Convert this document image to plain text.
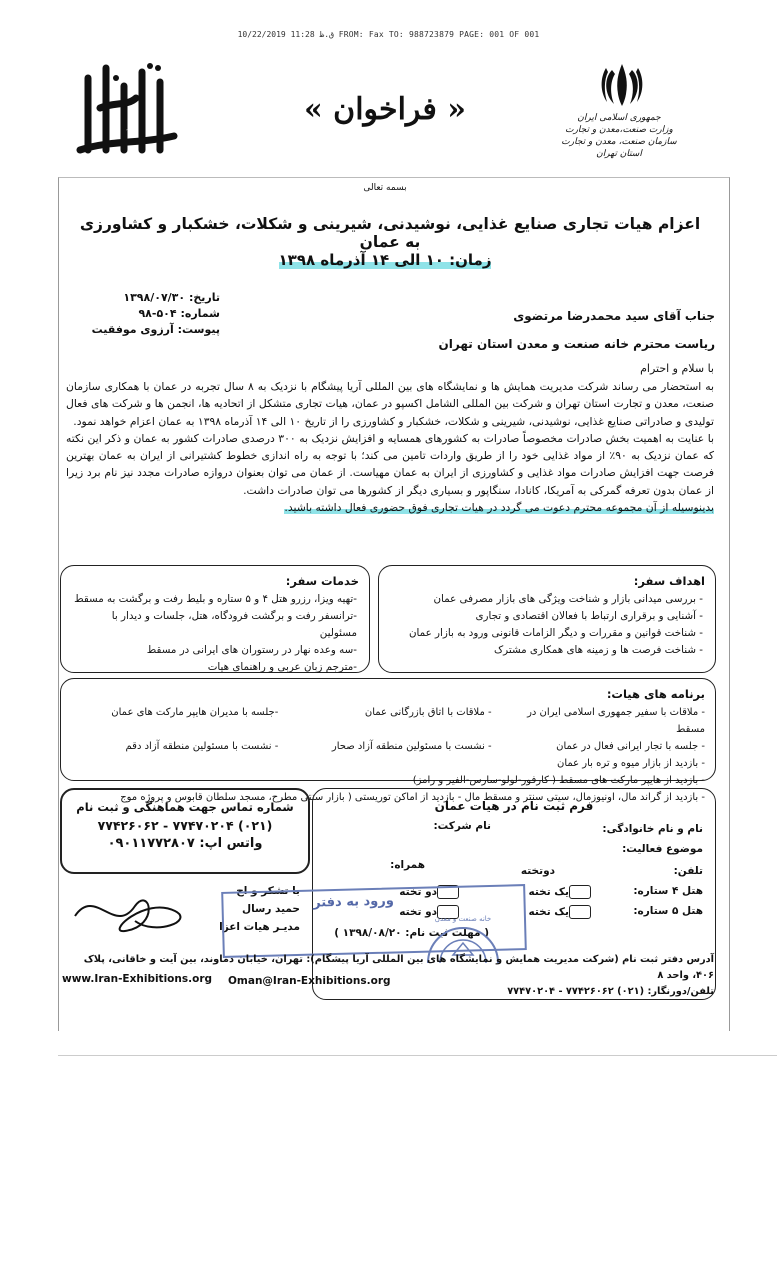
10/22/2019 ق.ظ 11:28 FROM: Fax TO: 988723879 PAGE: 001 OF 001
جمهوری اسلامی ایران
وزارت صنعت،معدن و تجارت
سازمان صنعت، معدن و تجارت استان تهران
« فراخوان »
آریا پیشگام
بسمه تعالی
اعزام هیات تجاری صنایع غذایی، نوشیدنی، شیرینی و شکلات، خشکبار و کشاورزی به عمان
زمان: ۱۰ الی ۱۴ آذرماه ۱۳۹۸
تاریخ: ۱۳۹۸/۰۷/۳۰
شماره: ۵۰۴-۹۸
پیوست: آرزوی موفقیت
جناب آقای سید محمدرضا مرتضوی
ریاست محترم خانه صنعت و معدن استان تهران
با سلام و احترام
به استحضار می رساند شرکت مدیریت همایش ها و نمایشگاه های بین المللی آریا پیشگام با نزدیک به ۸ سال تجربه در عمان با همکاری سازمان صنعت، معدن و تجارت استان تهران و شرکت بین المللی الشامل اکسپو در عمان، هیات تجاری متشکل از اتحادیه ها، انجمن ها و شرکت های فعال تولیدی و صادراتی صنایع غذایی، نوشیدنی، شیرینی و شکلات، خشکبار و کشاورزی را از تاریخ ۱۰ الی ۱۴ آذرماه ۱۳۹۸ به عمان اعزام خواهد نمود.
با عنایت به اهمیت بخش صادرات مخصوصاً صادرات به کشورهای همسایه و افزایش نزدیک به ۳۰۰ درصدی صادرات کشور به عمان و ذکر این نکته که عمان نزدیک به ۹۰٪ از مواد غذایی خود را از طریق واردات تامین می کند؛ با توجه به راه اندازی خطوط کشتیرانی از ایران به عمان بهترین فرصت جهت افزایش صادرات مواد غذایی و کشاورزی از ایران به عمان مهیاست. از عمان می توان بعنوان دروازه صادرات مجدد نیز نام برد زیرا از عمان بدون تعرفه گمرکی به آمریکا، کانادا، سنگاپور و بسیاری دیگر از کشورها می توان صادرات داشت.
بدینوسیله از آن مجموعه محترم دعوت می گردد در هیات تجاری فوق حضوری فعال داشته باشید.
اهداف سفر:
- بررسی میدانی بازار و شناخت ویژگی های بازار مصرفی عمان
- آشنایی و برقراری ارتباط با فعالان اقتصادی و تجاری
- شناخت قوانین و مقررات و دیگر الزامات قانونی ورود به بازار عمان
- شناخت فرصت ها و زمینه های همکاری مشترک
خدمات سفر:
-تهیه ویزا، رزرو هتل ۴ و ۵ ستاره و بلیط رفت و برگشت به مسقط
-ترانسفر رفت و برگشت فرودگاه، هتل، جلسات و دیدار با مسئولین
-سه وعده نهار در رستوران های ایرانی در مسقط
-مترجم زبان عربی و راهنمای هیات
برنامه های هیات:
- ملاقات با سفیر جمهوری اسلامی ایران در مسقط
- ملاقات با اتاق بازرگانی عمان
-جلسه با مدیران هایپر مارکت های عمان
- جلسه با تجار ایرانی فعال در عمان
- نشست با مسئولین منطقه آزاد صحار
- نشست با مسئولین منطقه آزاد دقم
- بازدید از بازار میوه و تره بار عمان
- بازدید از هایپر مارکت های مسقط ( کارفور-لولو-سارس-الفیر و رامز)
- بازدید از گراند مال، اونیوزمال، سیتی سنتر و مسقط مال - بازدید از اماکن توریستی ( بازار سنتی مطرح، مسجد سلطان قابوس و پروژه موج
شماره تماس جهت هماهنگی و ثبت نام
(۰۲۱) ۷۷۴۷۰۲۰۴ - ۷۷۴۲۶۰۶۲
واتس اپ: ۰۹۰۱۱۷۷۲۸۰۷
با تشکر و اح
حمید رسال
مدیـر هیات اعزا
فرم ثبت نام در هیات عمان
نام و نام خانوادگی:
نام شرکت:
موضوع فعالیت:
تلفن:
دوتخته
همراه:
هتل ۴ ستاره:
یک تخته
دو تخته
هتل ۵ ستاره:
یک تخته
دو تخته
( مهلت ثبت نام: ۱۳۹۸/۰۸/۲۰ )
ورود به دفتر
خانه صنعت و معدن
آدرس دفتر ثبت نام (شرکت مدیریت همایش و نمایشگاه های بین المللی آریا پیشگام): تهران، خیابان دماوند، بین آیت و خاقانی، پلاک ۴۰۶، واحد ۸
تلفن/دورنگار: (۰۲۱) ۷۷۴۲۶۰۶۲ - ۷۷۴۷۰۲۰۴
www.Iran-Exhibitions.org	Oman@Iran-Exhibitions.org
